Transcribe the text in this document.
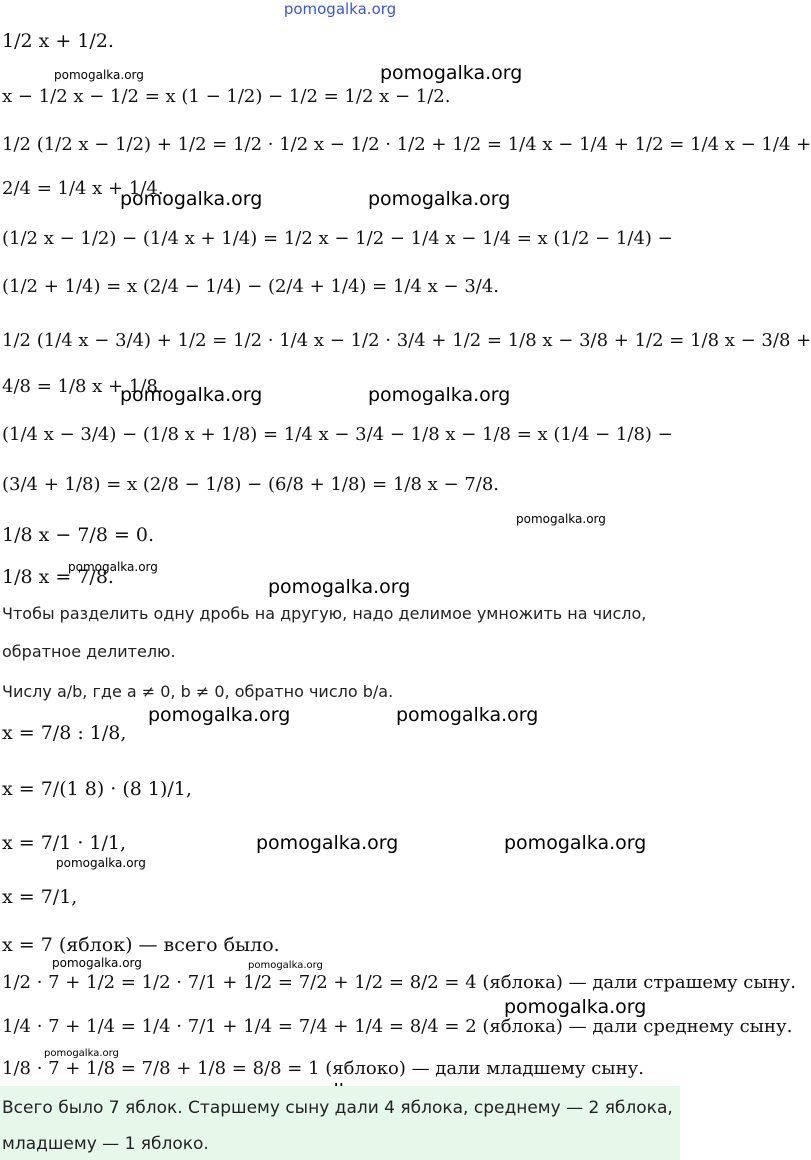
pomogalka.org
1/2 x + 1/2.
x − 1/2 x − 1/2 = x (1 − 1/2) − 1/2 = 1/2 x − 1/2.
1/2 (1/2 x − 1/2) + 1/2 = 1/2 · 1/2 x − 1/2 · 1/2 + 1/2 = 1/4 x − 1/4 + 1/2 = 1/4 x − 1/4 +
2/4 = 1/4 x + 1/4.
(1/2 x − 1/2) − (1/4 x + 1/4) = 1/2 x − 1/2 − 1/4 x − 1/4 = x (1/2 − 1/4) −
(1/2 + 1/4) = x (2/4 − 1/4) − (2/4 + 1/4) = 1/4 x − 3/4.
1/2 (1/4 x − 3/4) + 1/2 = 1/2 · 1/4 x − 1/2 · 3/4 + 1/2 = 1/8 x − 3/8 + 1/2 = 1/8 x − 3/8 +
4/8 = 1/8 x + 1/8.
(1/4 x − 3/4) − (1/8 x + 1/8) = 1/4 x − 3/4 − 1/8 x − 1/8 = x (1/4 − 1/8) −
(3/4 + 1/8) = x (2/8 − 1/8) − (6/8 + 1/8) = 1/8 x − 7/8.
1/8 x − 7/8 = 0.
1/8 x = 7/8.
Чтобы разделить одну дробь на другую, надо делимое умножить на число,
обратное делителю.
Числу a/b, где a ≠ 0, b ≠ 0, обратно число b/a.
x = 7/8 : 1/8,
x = 7/(1 8) · (8 1)/1,
x = 7/1 · 1/1,
x = 7/1,
x = 7 (яблок) — всего было.
1/2 · 7 + 1/2 = 1/2 · 7/1 + 1/2 = 7/2 + 1/2 = 8/2 = 4 (яблока) — дали страшему сыну.
1/4 · 7 + 1/4 = 1/4 · 7/1 + 1/4 = 7/4 + 1/4 = 8/4 = 2 (яблока) — дали среднему сыну.
1/8 · 7 + 1/8 = 7/8 + 1/8 = 8/8 = 1 (яблоко) — дали младшему сыну.
pomogalka.org	pomogalka.org
pomogalka.org	pomogalka.org
pomogalka.org	pomogalka.org
pomogalka.org
pomogalka.org
pomogalka.org
pomogalka.org	pomogalka.org
pomogalka.org	pomogalka.org
pomogalka.org
pomogalka.org	pomogalka.org
pomogalka.org
pomogalka.org
Всего было 7 яблок. Старшему сыну дали 4 яблока, среднему — 2 яблока,
младшему — 1 яблоко.
